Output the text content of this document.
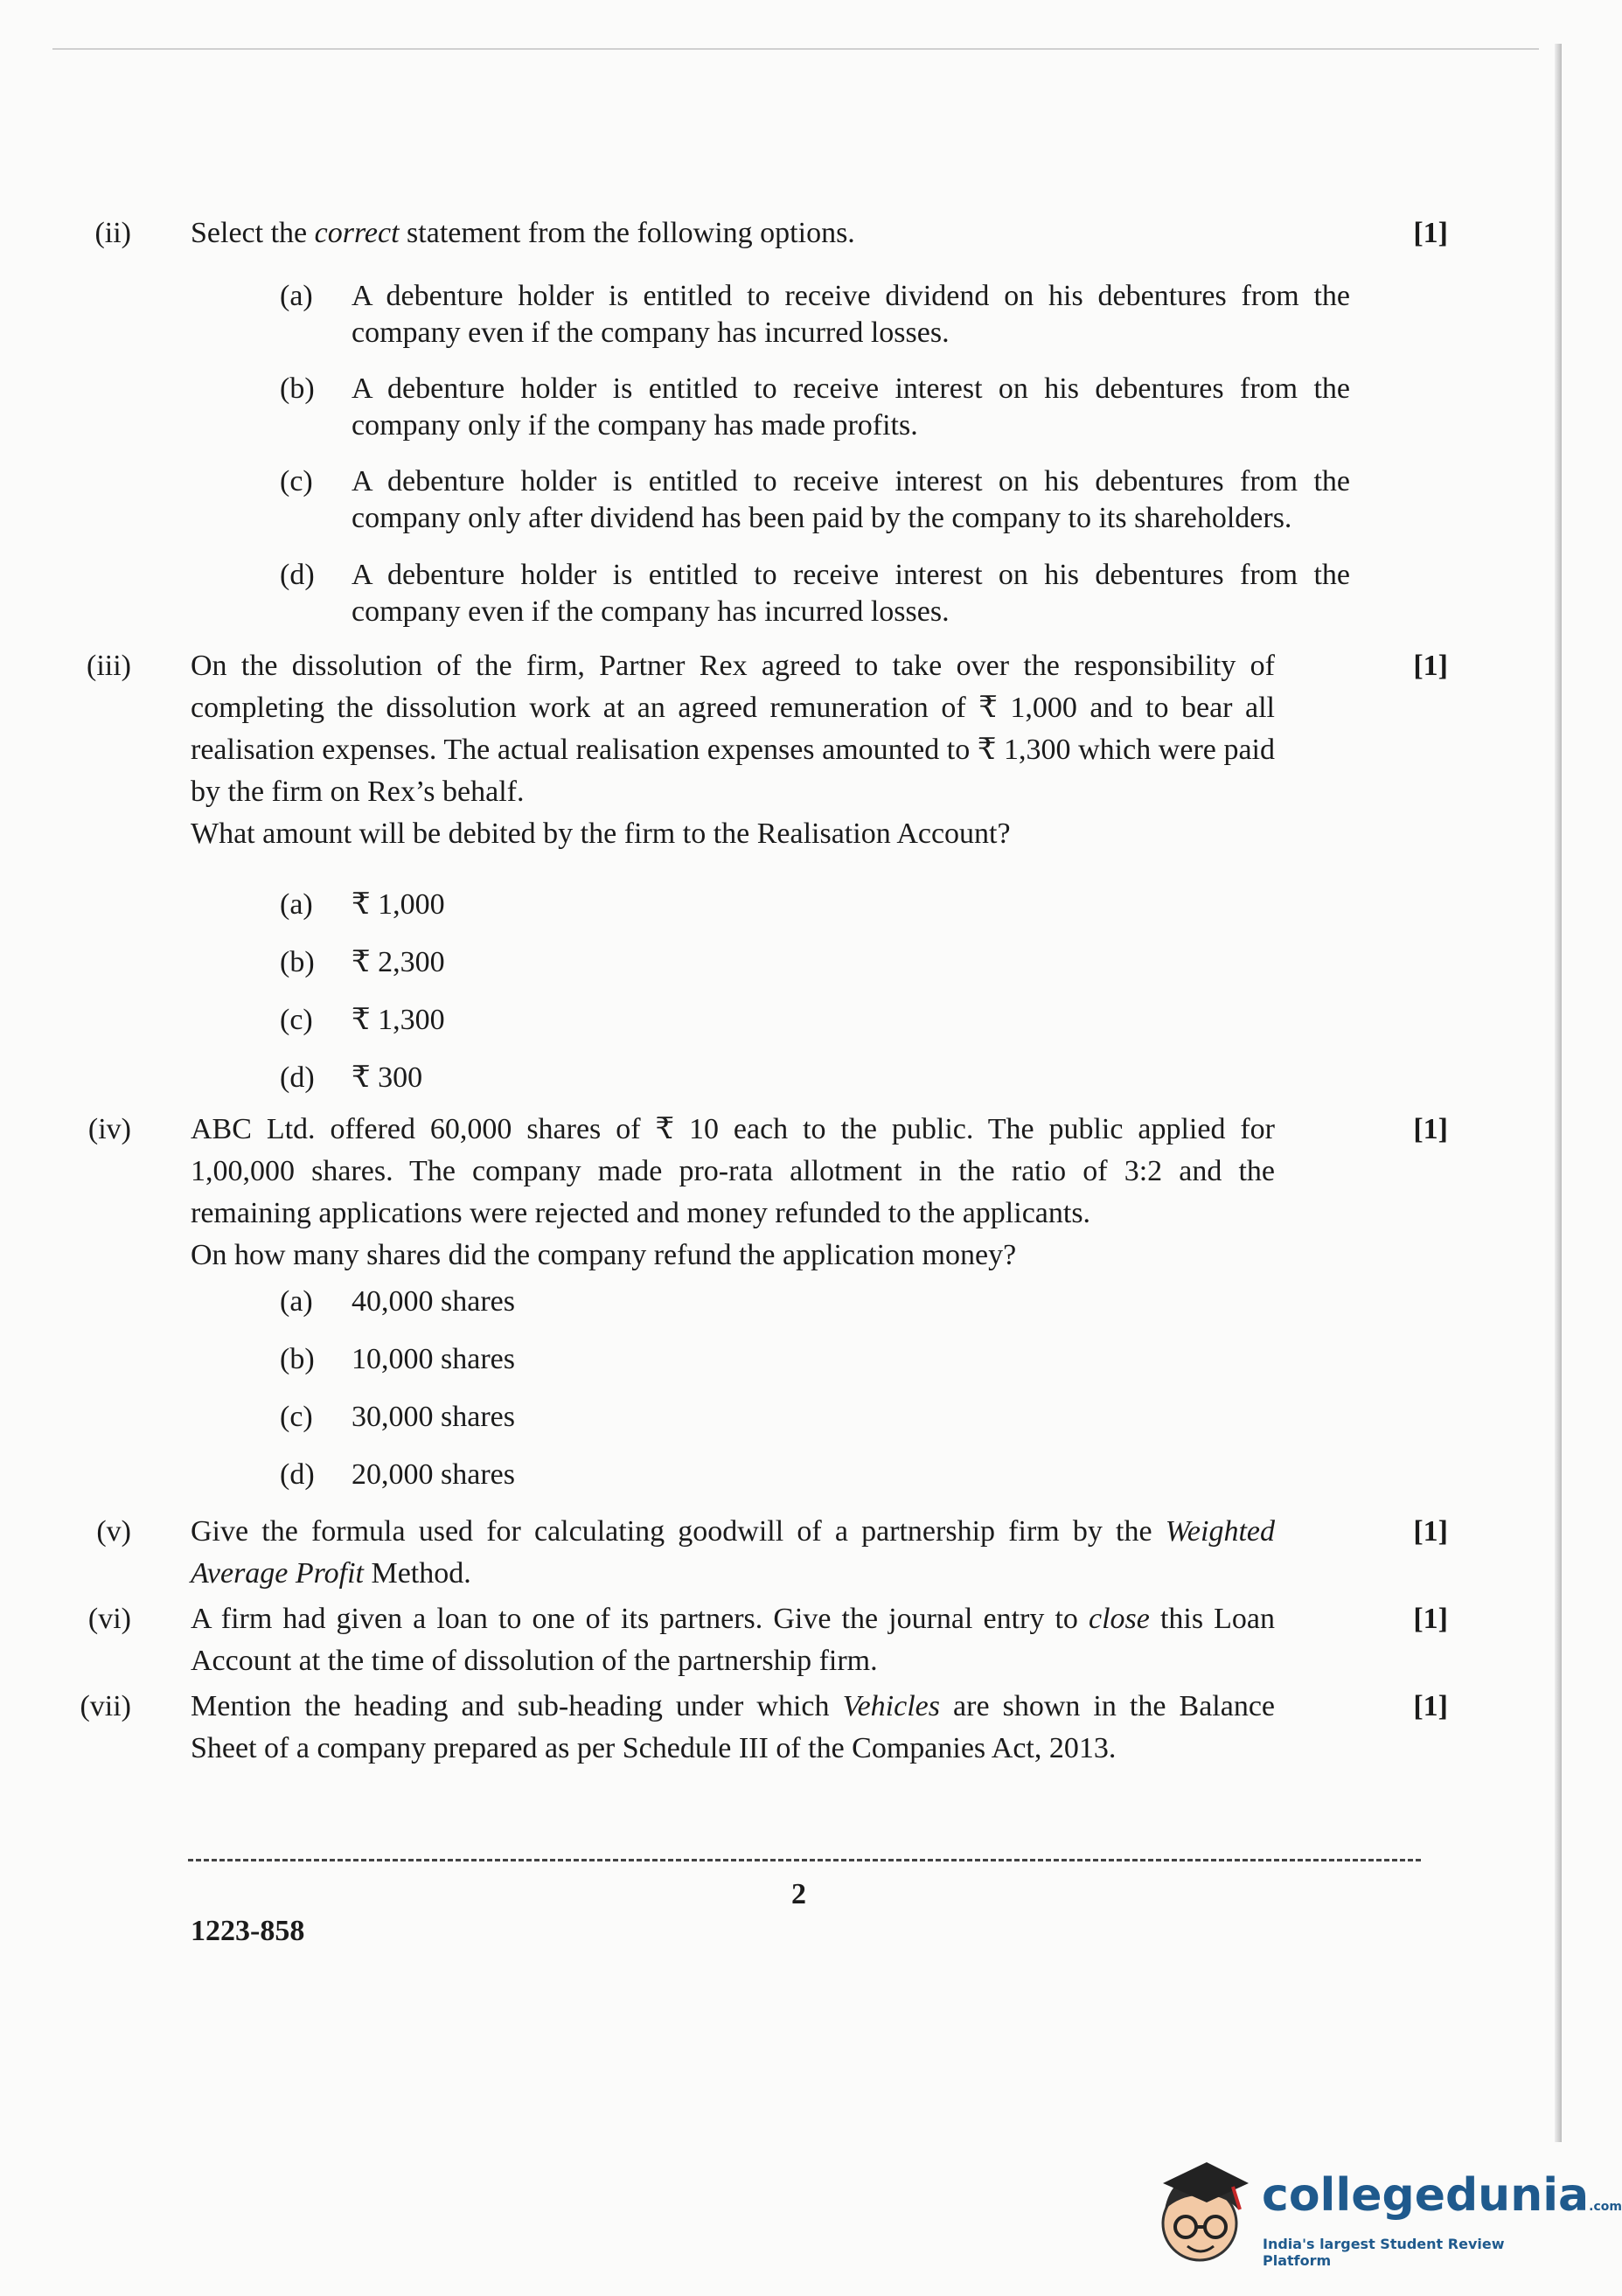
(ii) Select the correct statement from the following options.	[1]
(a)	A debenture holder is entitled to receive dividend on his debentures from the company even if the company has incurred losses.
(b)	A debenture holder is entitled to receive interest on his debentures from the company only if the company has made profits.
(c)	A debenture holder is entitled to receive interest on his debentures from the company only after dividend has been paid by the company to its shareholders.
(d)	A debenture holder is entitled to receive interest on his debentures from the company even if the company has incurred losses.
(iii) On the dissolution of the firm, Partner Rex agreed to take over the responsibility of completing the dissolution work at an agreed remuneration of ₹ 1,000 and to bear all realisation expenses. The actual realisation expenses amounted to ₹ 1,300 which were paid by the firm on Rex’s behalf.
What amount will be debited by the firm to the Realisation Account?
[1]
(a)	₹ 1,000
(b)	₹ 2,300
(c)	₹ 1,300
(d)	₹ 300
(iv) ABC Ltd. offered 60,000 shares of ₹ 10 each to the public. The public applied for 1,00,000 shares. The company made pro-rata allotment in the ratio of 3:2 and the remaining applications were rejected and money refunded to the applicants.
On how many shares did the company refund the application money?
[1]
(a)	40,000 shares
(b)	10,000 shares
(c)	30,000 shares
(d)	20,000 shares
(v) Give the formula used for calculating goodwill of a partnership firm by the Weighted Average Profit Method.
[1]
(vi) A firm had given a loan to one of its partners. Give the journal entry to close this Loan Account at the time of dissolution of the partnership firm.
[1]
(vii) Mention the heading and sub-heading under which Vehicles are shown in the Balance Sheet of a company prepared as per Schedule III of the Companies Act, 2013.
[1]
2
1223-858
collegedunia.com
India's largest Student Review Platform
